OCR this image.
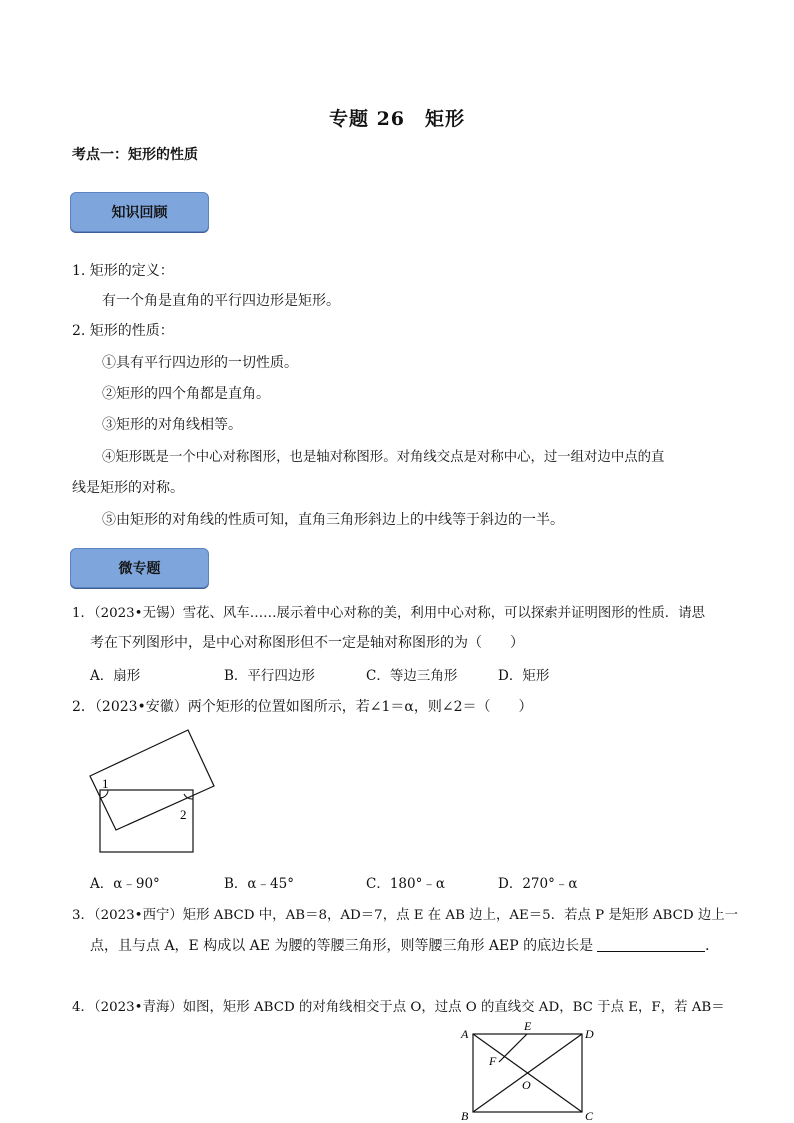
专题 26　矩形
考点一：矩形的性质
知识回顾
1. 矩形的定义：
有一个角是直角的平行四边形是矩形。
2. 矩形的性质：
①具有平行四边形的一切性质。
②矩形的四个角都是直角。
③矩形的对角线相等。
④矩形既是一个中心对称图形，也是轴对称图形。对角线交点是对称中心，过一组对边中点的直
线是矩形的对称。
⑤由矩形的对角线的性质可知，直角三角形斜边上的中线等于斜边的一半。
微专题
1．（2023•无锡）雪花、风车……展示着中心对称的美，利用中心对称，可以探索并证明图形的性质．请思
考在下列图形中，是中心对称图形但不一定是轴对称图形的为（　　）
A．扇形	B．平行四边形	C．等边三角形	D．矩形
2．（2023•安徽）两个矩形的位置如图所示，若∠1＝α，则∠2＝（　　）
1
2
A．α﹣90°	B．α﹣45°	C．180°﹣α	D．270°﹣α
3．（2023•西宁）矩形 ABCD 中，AB＝8，AD＝7，点 E 在 AB 边上，AE＝5．若点 P 是矩形 ABCD 边上一
点，且与点 A，E 构成以 AE 为腰的等腰三角形，则等腰三角形 AEP 的底边长是	．
4．（2023•青海）如图，矩形 ABCD 的对角线相交于点 O，过点 O 的直线交 AD，BC 于点 E，F，若 AB＝
A
E
D
F
O
B	C
